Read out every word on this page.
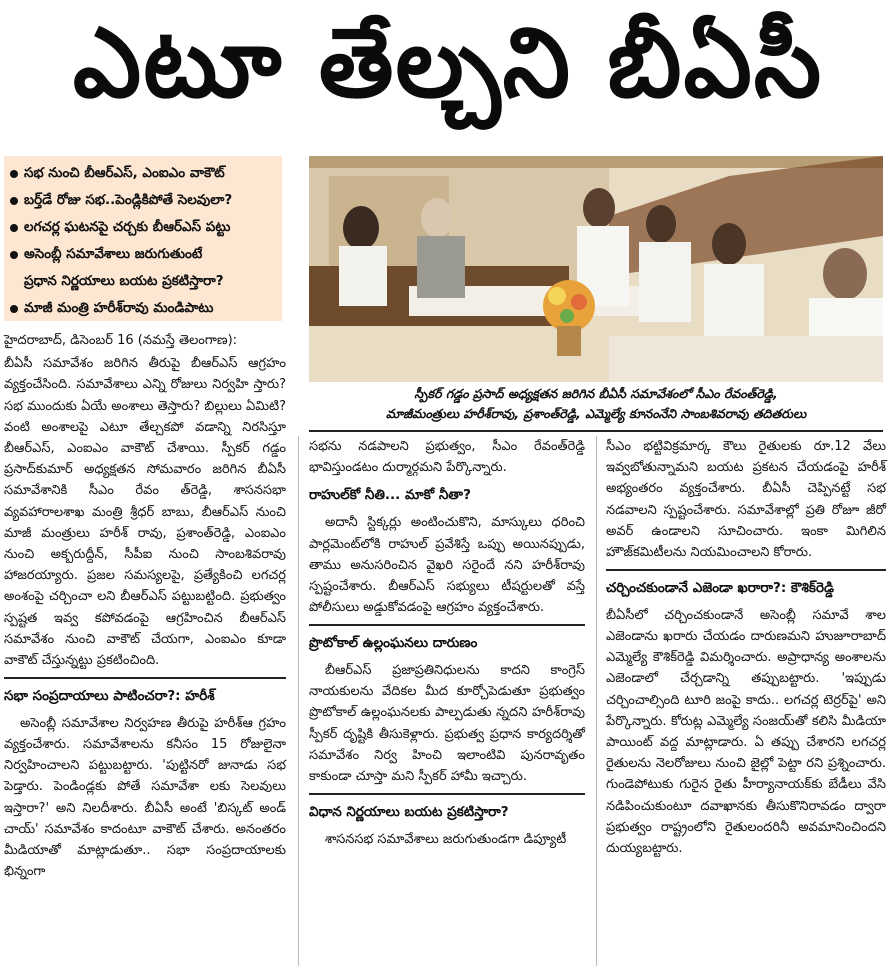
ఎటూ తేల్చని బీఏసీ
సభ నుంచి బీఆర్ఎస్‌, ఎంఐఎం వాకౌట్‌
బర్త్‌డే రోజు సభ..పెండ్లికిపోతే సెలవులా?
లగచర్ల ఘటనపై చర్చకు బీఆర్ఎస్‌ పట్టు
అసెంబ్లీ సమావేశాలు జరుగుతుంటే
ప్రధాన నిర్ణయాలు బయట ప్రకటిస్తారా?
మాజీ మంత్రి హరీశ్‌రావు మండిపాటు
స్పీకర్‌ గడ్డం ప్రసాద్‌ అధ్యక్షతన జరిగిన బీఏసీ సమావేశంలో సీఎం రేవంత్‌రెడ్డి,
మాజీమంత్రులు హరీశ్‌రావు, ప్రశాంత్‌రెడ్డి, ఎమ్మెల్యే కూనంనేని సాంబశివరావు తదితరులు

హైదరాబాద్‌, డిసెంబర్‌ 16 (నమస్తే తెలంగాణ):

బీఏసీ సమావేశం జరిగిన తీరుపై బీఆర్ఎస్‌ ఆగ్రహం వ్యక్తంచేసింది. సమావేశాలు ఎన్ని రోజులు నిర్వహి స్తారు? సభ ముందుకు ఏయే అంశాలు తెస్తారు? బిల్లులు ఏమిటి? వంటి అంశాలపై ఎటూ తేల్చకపో వడాన్ని నిరసిస్తూ బీఆర్ఎస్‌, ఎంఐఎం వాకౌట్‌ చేశాయి. స్పీకర్‌ గడ్డం ప్రసాద్‌కుమార్‌ అధ్యక్షతన సోమవారం జరిగిన బీఏసీ సమావేశానికి సీఎం రేవం త్‌రెడ్డి, శాసనసభా వ్యవహారాలశాఖ మంత్రి శ్రీధర్‌ బాబు, బీఆర్ఎస్‌ నుంచి మాజీ మంత్రులు హరీశ్‌ రావు, ప్రశాంత్‌రెడ్డి, ఎంఐఎం నుంచి అక్బరుద్దీన్‌, సీపీఐ నుంచి సాంబశివరావు హాజరయ్యారు. ప్రజల సమస్యలపై, ప్రత్యేకించి లగచర్ల అంశంపై చర్చించా లని బీఆర్ఎస్‌ పట్టుబట్టింది. ప్రభుత్వం స్పష్టత ఇవ్వ కపోవడంపై ఆగ్రహించిన బీఆర్ఎస్‌ సమావేశం నుంచి వాకౌట్‌ చేయగా, ఎంఐఎం కూడా వాకౌట్‌ చేస్తున్నట్టు ప్రకటించింది.

సభా సంప్రదాయాలు పాటించరా?: హరీశ్‌

అసెంబ్లీ సమావేశాల నిర్వహణ తీరుపై హరీశ్‌ఆ గ్రహం వ్యక్తంచేశారు. సమావేశాలను కనీసం 15 రోజులైనా నిర్వహించాలని పట్టుబట్టారు. 'పుట్టినరో జునాడు సభ పెడ్తారు. పెండిండ్లకు పోతే సమావేశా లకు సెలవులు ఇస్తారా?' అని నిలదీశారు. బీఏసీ అంటే 'బిస్కట్‌ అండ్‌ చాయ్‌' సమావేశం కాదంటూ వాకౌట్‌ చేశారు. అనంతరం మీడియాతో మాట్లాడుతూ.. సభా సంప్రదాయాలకు భిన్నంగా

సభను నడపాలని ప్రభుత్వం, సీఎం రేవంత్‌రెడ్డి భావిస్తుండటం దుర్మార్గమని పేర్కొన్నారు.

రాహుల్‌కో నీతి... మాకో నీతా?

అదానీ స్టిక్కర్లు అంటించుకొని, మాస్కులు ధరించి పార్లమెంట్‌లోకి రాహుల్‌ ప్రవేశిస్తే ఒప్పు అయినప్పుడు, తాము అనుసరించిన వైఖరి సరైందే నని హరీశ్‌రావు స్పష్టంచేశారు. బీఆర్ఎస్‌ సభ్యులు టీషర్టులతో వస్తే పోలీసులు అడ్డుకోవడంపై ఆగ్రహం వ్యక్తంచేశారు.

ప్రొటోకాల్‌ ఉల్లంఘనలు దారుణం

బీఆర్ఎస్‌ ప్రజాప్రతినిధులను కాదని కాంగ్రెస్‌ నాయకులను వేదికల మీద కూర్చోపెడుతూ ప్రభుత్వం ప్రొటోకాల్‌ ఉల్లంఘనలకు పాల్పడుతు న్నదని హరీశ్‌రావు స్పీకర్‌ దృష్టికి తీసుకెళ్లారు. ప్రభుత్వ ప్రధాన కార్యదర్శితో సమావేశం నిర్వ హించి ఇలాంటివి పునరావృతం కాకుండా చూస్తా మని స్పీకర్‌ హామీ ఇచ్చారు.

విధాన నిర్ణయాలు బయట ప్రకటిస్తారా?

శాసనసభ సమావేశాలు జరుగుతుండగా డిప్యూటీ

సీఎం భట్టివిక్రమార్క కౌలు రైతులకు రూ.12 వేలు ఇవ్వబోతున్నామని బయట ప్రకటన చేయడంపై హరీశ్‌ అభ్యంతరం వ్యక్తంచేశారు. బీఏసీ చెప్పినట్టే సభ నడవాలని స్పష్టంచేశారు. సమావేశాల్లో ప్రతి రోజూ జీరో అవర్‌ ఉండాలని సూచించారు. ఇంకా మిగిలిన హౌజ్‌కమిటీలను నియమించాలని కోరారు.

చర్చించకుండానే ఎజెండా ఖరారా?: కౌశిక్‌రెడ్డి

బీఏసీలో చర్చించకుండానే అసెంబ్లీ సమావే శాల ఎజెండాను ఖరారు చేయడం దారుణమని హుజూరాబాద్‌ ఎమ్మెల్యే కౌశిక్‌రెడ్డి విమర్శించారు. అప్రాధాన్య అంశాలను ఎజెండాలో చేర్చడాన్ని తప్పుబట్టారు. 'ఇప్పుడు చర్చించాల్సింది టూరి జంపై కాదు.. లగచర్ల టెర్రర్‌పై' అని పేర్కొన్నారు. కోరుట్ల ఎమ్మెల్యే సంజయ్‌తో కలిసి మీడియా పాయింట్‌ వద్ద మాట్లాడారు. ఏ తప్పు చేశారని లగచర్ల రైతులను నెలరోజులు నుంచి జైల్లో పెట్టా రని ప్రశ్నించారు. గుండెపోటుకు గురైన రైతు హీర్యానాయక్‌కు బేడీలు వేసి నడిపించుకుంటూ దవాఖానకు తీసుకొనిరావడం ద్వారా ప్రభుత్వం రాష్ట్రంలోని రైతులందరినీ అవమానించిందని దుయ్యబట్టారు.
